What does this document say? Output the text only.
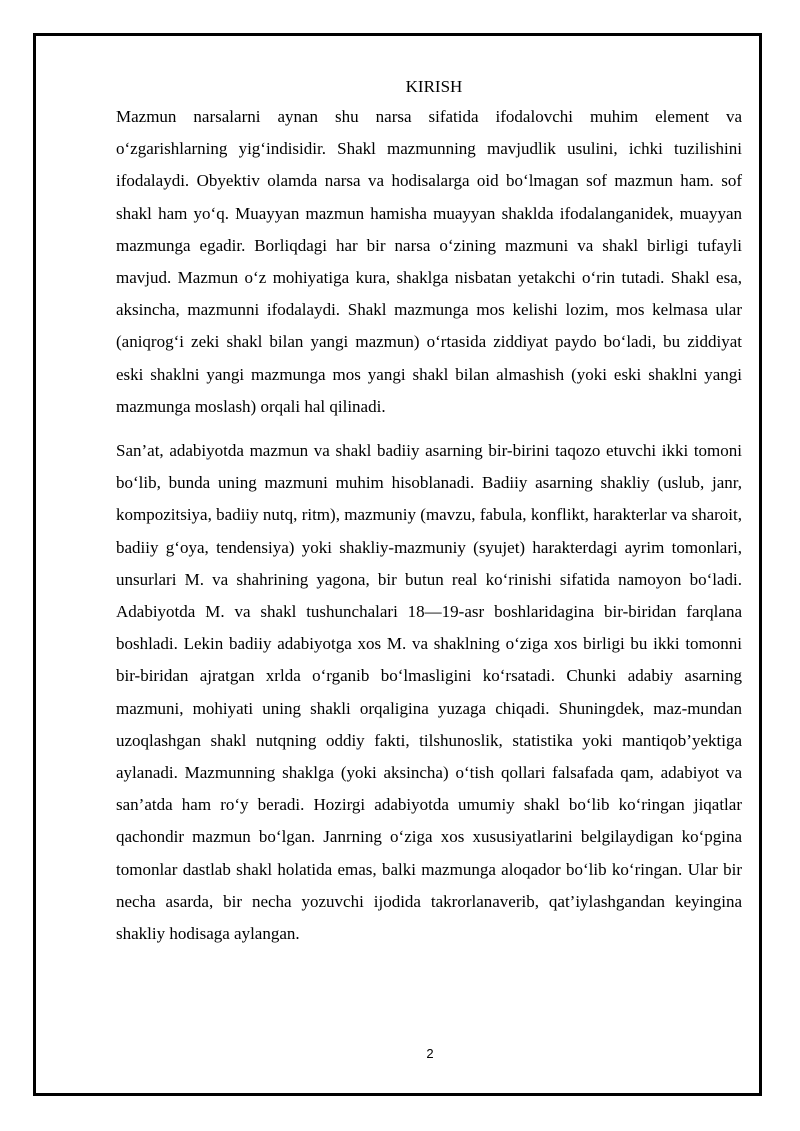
KIRISH

Mazmun narsalarni aynan shu narsa sifatida ifodalovchi muhim element va oʻzgarishlarning yigʻindisidir. Shakl mazmunning mavjudlik usulini, ichki tuzilishini ifodalaydi. Obyektiv olamda narsa va hodisalarga oid boʻlmagan sof mazmun ham. sof shakl ham yoʻq. Muayyan mazmun hamisha muayyan shaklda ifodalanganidek, muayyan mazmunga egadir. Borliqdagi har bir narsa oʻzining mazmuni va shakl birligi tufayli mavjud. Mazmun oʻz mohiyatiga kura, shaklga nisbatan yetakchi oʻrin tutadi. Shakl esa, aksincha, mazmunni ifodalaydi. Shakl mazmunga mos kelishi lozim, mos kelmasa ular (aniqrogʻi zeki shakl bilan yangi mazmun) oʻrtasida ziddiyat paydo boʻladi, bu ziddiyat eski shaklni yangi mazmunga mos yangi shakl bilan almashish (yoki eski shaklni yangi mazmunga moslash) orqali hal qilinadi.

San’at, adabiyotda mazmun va shakl badiiy asarning bir-birini taqozo etuvchi ikki tomoni boʻlib, bunda uning mazmuni muhim hisoblanadi. Badiiy asarning shakliy (uslub, janr, kompozitsiya, badiiy nutq, ritm), mazmuniy (mavzu, fabula, konflikt, harakterlar va sharoit, badiiy gʻoya, tendensiya) yoki shakliy-mazmuniy (syujet) harakterdagi ayrim tomonlari, unsurlari M. va shahrining yagona, bir butun real koʻrinishi sifatida namoyon boʻladi. Adabiyotda M. va shakl tushunchalari 18—19-asr boshlaridagina bir-biridan farqlana boshladi. Lekin badiiy adabiyotga xos M. va shaklning oʻziga xos birligi bu ikki tomonni bir-biridan ajratgan xrlda oʻrganib boʻlmasligini koʻrsatadi. Chunki adabiy asarning mazmuni, mohiyati uning shakli orqaligina yuzaga chiqadi. Shuningdek, maz-mundan uzoqlashgan shakl nutqning oddiy fakti, tilshunoslik, statistika yoki mantiqob’yektiga aylanadi. Mazmunning shaklga (yoki aksincha) oʻtish qollari falsafada qam, adabiyot va san’atda ham roʻy beradi. Hozirgi adabiyotda umumiy shakl boʻlib koʻringan jiqatlar qachondir mazmun boʻlgan. Janrning oʻziga xos xususiyatlarini belgilaydigan koʻpgina tomonlar dastlab shakl holatida emas, balki mazmunga aloqador boʻlib koʻringan. Ular bir necha asarda, bir necha yozuvchi ijodida takrorlanaverib, qat’iylashgandan keyingina shakliy hodisaga aylangan.

2
